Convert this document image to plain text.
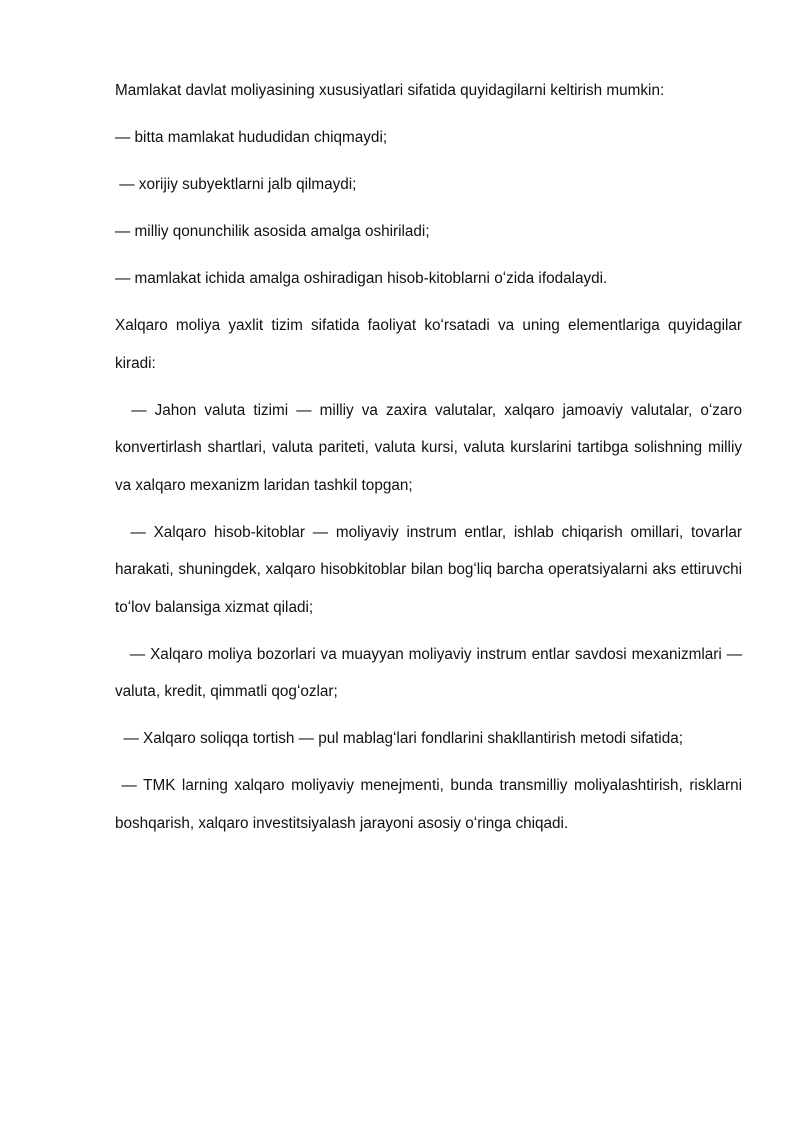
Mamlakat davlat moliyasining xususiyatlari sifatida quyidagilarni keltirish mumkin:

— bitta mamlakat hududidan chiqmaydi;

— xorijiy subyektlarni jalb qilmaydi;

— milliy qonunchilik asosida amalga oshiriladi;

— mamlakat ichida amalga oshiradigan hisob-kitoblarni oʻzida ifodalaydi.

Xalqaro moliya yaxlit tizim sifatida faoliyat koʻrsatadi va uning elementlariga quyidagilar kiradi:

— Jahon valuta tizimi — milliy va zaxira valutalar, xalqaro jamoaviy valutalar, oʻzaro konvertirlash shartlari, valuta pariteti, valuta kursi, valuta kurslarini tartibga solishning milliy va xalqaro mexanizm laridan tashkil topgan;

— Xalqaro hisob-kitoblar — moliyaviy instrum entlar, ishlab chiqarish omillari, tovarlar harakati, shuningdek, xalqaro hisobkitoblar bilan bogʻliq barcha operatsiyalarni aks ettiruvchi toʻlov balansiga xizmat qiladi;

— Xalqaro moliya bozorlari va muayyan moliyaviy instrum entlar savdosi mexanizmlari — valuta, kredit, qimmatli qogʻozlar;

— Xalqaro soliqqa tortish — pul mablagʻlari fondlarini shakllantirish metodi sifatida;

— TMK larning xalqaro moliyaviy menejmenti, bunda transmilliy moliyalashtirish, risklarni boshqarish, xalqaro investitsiyalash jarayoni asosiy oʻringa chiqadi.
